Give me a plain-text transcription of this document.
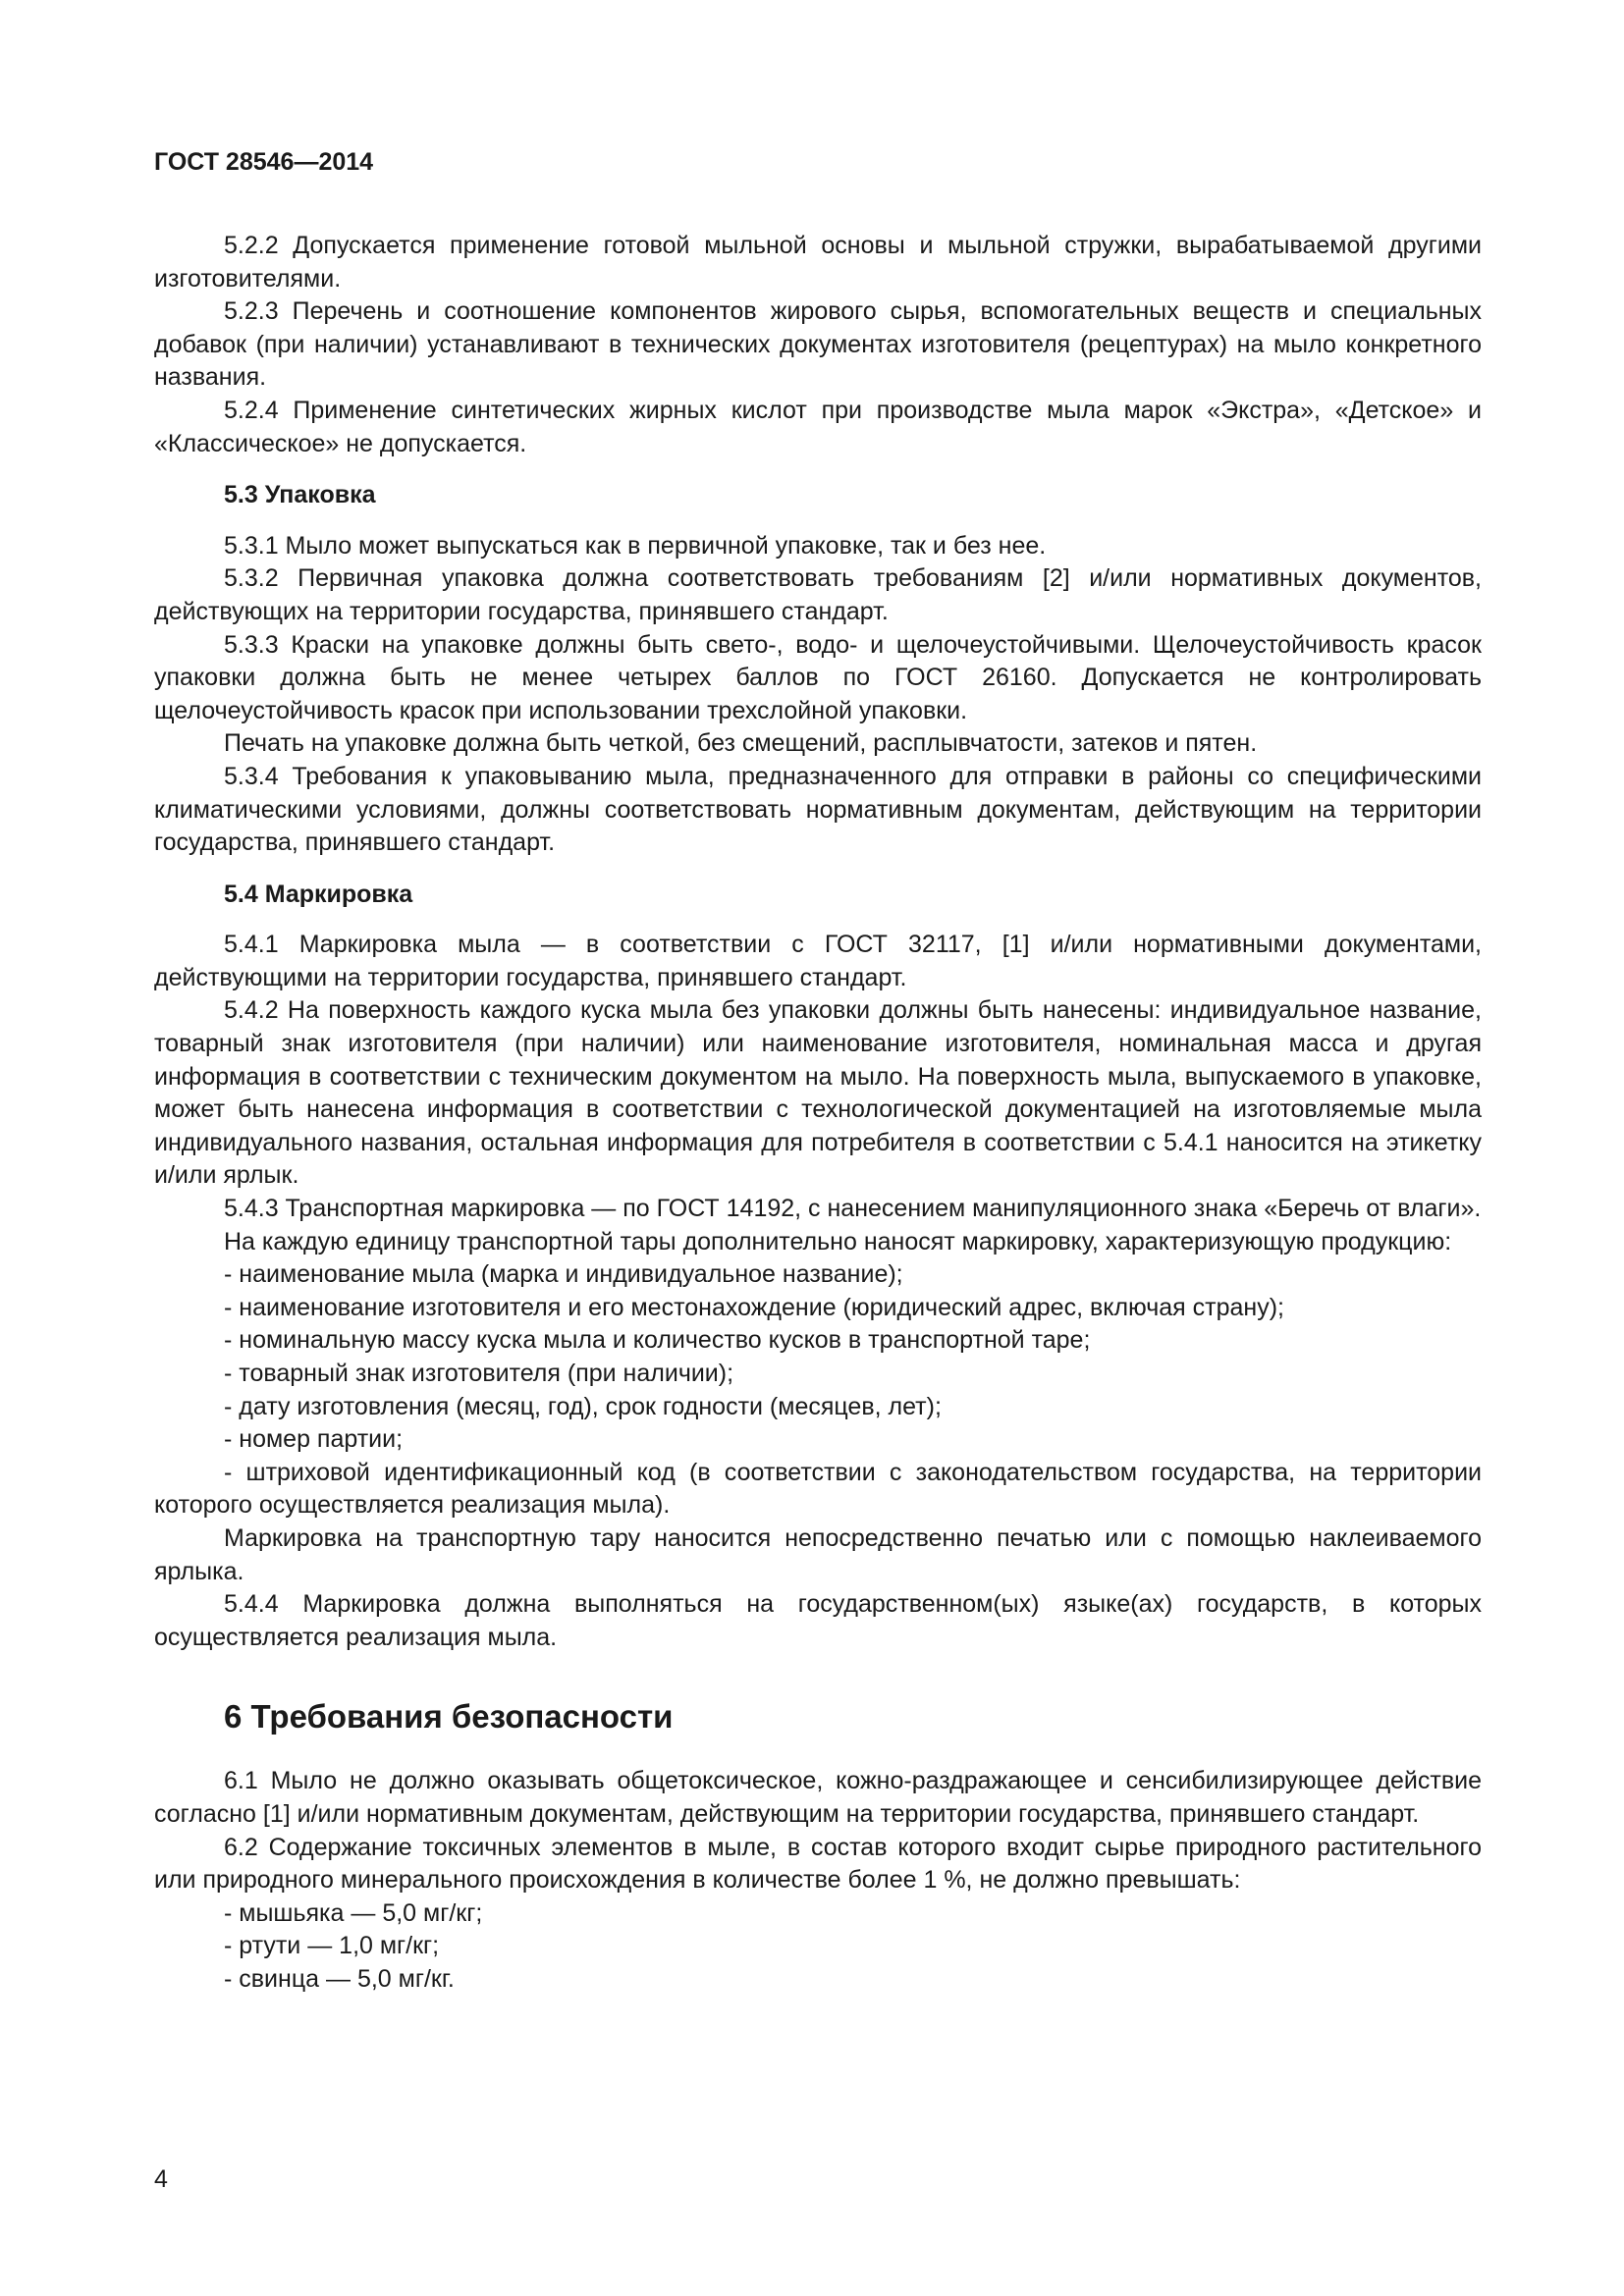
ГОСТ 28546—2014

5.2.2 Допускается применение готовой мыльной основы и мыльной стружки, вырабатываемой другими изготовителями.

5.2.3 Перечень и соотношение компонентов жирового сырья, вспомогательных веществ и специальных добавок (при наличии) устанавливают в технических документах изготовителя (рецептурах) на мыло конкретного названия.

5.2.4 Применение синтетических жирных кислот при производстве мыла марок «Экстра», «Детское» и «Классическое» не допускается.

5.3 Упаковка

5.3.1 Мыло может выпускаться как в первичной упаковке, так и без нее.

5.3.2 Первичная упаковка должна соответствовать требованиям [2] и/или нормативных документов, действующих на территории государства, принявшего стандарт.

5.3.3 Краски на упаковке должны быть свето-, водо- и щелочеустойчивыми. Щелочеустойчивость красок упаковки должна быть не менее четырех баллов по ГОСТ 26160. Допускается не контролировать щелочеустойчивость красок при использовании трехслойной упаковки.

Печать на упаковке должна быть четкой, без смещений, расплывчатости, затеков и пятен.

5.3.4 Требования к упаковыванию мыла, предназначенного для отправки в районы со специфическими климатическими условиями, должны соответствовать нормативным документам, действующим на территории государства, принявшего стандарт.

5.4 Маркировка

5.4.1 Маркировка мыла — в соответствии с ГОСТ 32117, [1] и/или нормативными документами, действующими на территории государства, принявшего стандарт.

5.4.2 На поверхность каждого куска мыла без упаковки должны быть нанесены: индивидуальное название, товарный знак изготовителя (при наличии) или наименование изготовителя, номинальная масса и другая информация в соответствии с техническим документом на мыло. На поверхность мыла, выпускаемого в упаковке, может быть нанесена информация в соответствии с технологической документацией на изготовляемые мыла индивидуального названия, остальная информация для потребителя в соответствии с 5.4.1 наносится на этикетку и/или ярлык.

5.4.3 Транспортная маркировка — по ГОСТ 14192, с нанесением манипуляционного знака «Беречь от влаги».

На каждую единицу транспортной тары дополнительно наносят маркировку, характеризующую продукцию:

- наименование мыла (марка и индивидуальное название);
- наименование изготовителя и его местонахождение (юридический адрес, включая страну);
- номинальную массу куска мыла и количество кусков в транспортной таре;
- товарный знак изготовителя (при наличии);
- дату изготовления (месяц, год), срок годности (месяцев, лет);
- номер партии;
- штриховой идентификационный код (в соответствии с законодательством государства, на территории которого осуществляется реализация мыла).

Маркировка на транспортную тару наносится непосредственно печатью или с помощью наклеиваемого ярлыка.

5.4.4 Маркировка должна выполняться на государственном(ых) языке(ах) государств, в которых осуществляется реализация мыла.

6 Требования безопасности

6.1 Мыло не должно оказывать общетоксическое, кожно-раздражающее и сенсибилизирующее действие согласно [1] и/или нормативным документам, действующим на территории государства, принявшего стандарт.

6.2 Содержание токсичных элементов в мыле, в состав которого входит сырье природного растительного или природного минерального происхождения в количестве более 1 %, не должно превышать:

- мышьяка — 5,0 мг/кг;
- ртути — 1,0 мг/кг;
- свинца — 5,0 мг/кг.
4
